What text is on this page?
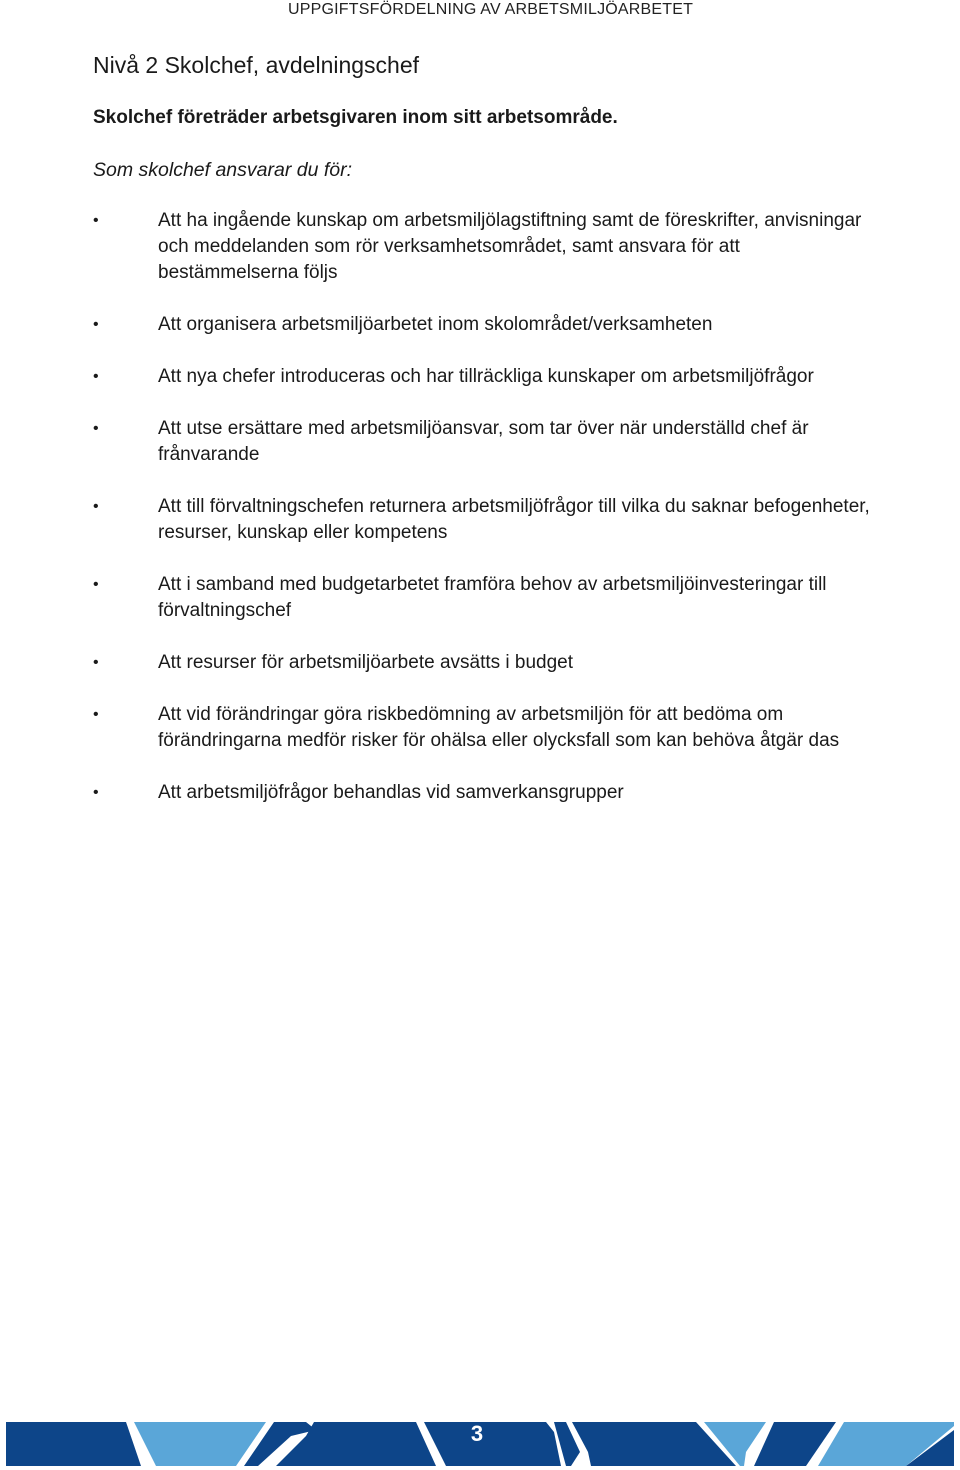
UPPGIFTSFÖRDELNING AV ARBETSMILJÖARBETET
Nivå 2 Skolchef, avdelningschef

Skolchef företräder arbetsgivaren inom sitt arbetsområde.

Som skolchef ansvarar du för:

•	Att ha ingående kunskap om arbetsmiljölagstiftning samt de föreskrifter, anvisningar och meddelanden som rör verksamhetsområdet, samt ansvara för att bestämmelserna följs
•	Att organisera arbetsmiljöarbetet inom skolområdet/verksamheten
•	Att nya chefer introduceras och har tillräckliga kunskaper om arbetsmiljöfrågor
•	Att utse ersättare med arbetsmiljöansvar, som tar över när underställd chef är frånvarande
•	Att till förvaltningschefen returnera arbetsmiljöfrågor till vilka du saknar befogenheter, resurser, kunskap eller kompetens
•	Att i samband med budgetarbetet framföra behov av arbetsmiljöinvesteringar till förvaltningschef
•	Att resurser för arbetsmiljöarbete avsätts i budget
•	Att vid förändringar göra riskbedömning av arbetsmiljön för att bedöma om förändringarna medför risker för ohälsa eller olycksfall som kan behöva åtgär das
•	Att arbetsmiljöfrågor behandlas vid samverkansgrupper
3
